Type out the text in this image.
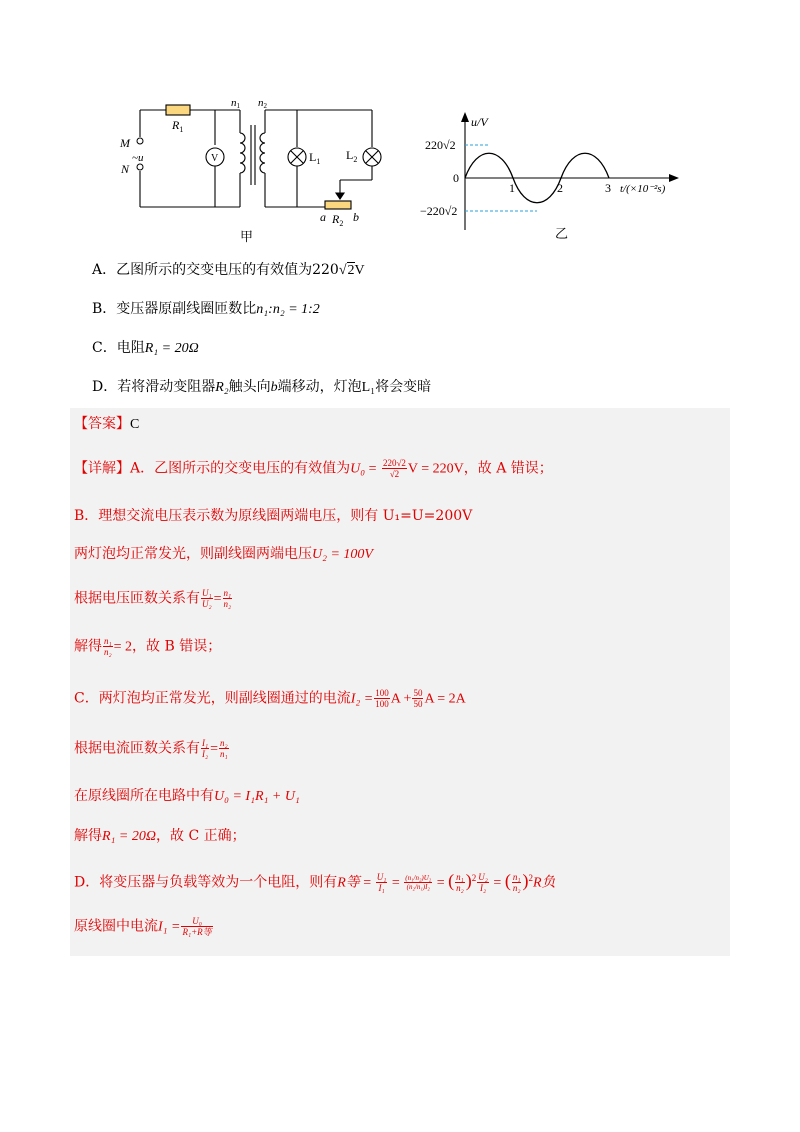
$R_1$
M
~u
N
V
n1 n2
$L_1$ $L_2$
a $R_2$ b
甲
u/V
220√2
−220√2
0
1	2	3 t/(×10⁻²s)
乙
A．乙图所示的交变电压的有效值为220√2V
B．变压器原副线圈匝数比n₁:n₂ = 1:2
C．电阻R₁ = 20Ω
D．若将滑动变阻器R₂触头向b端移动，灯泡L₁将会变暗
【答案】C
【详解】A．乙图所示的交变电压的有效值为$U_0 = \frac{220√2}{√2}$ V = 220V，故 A 错误；
B．理想交流电压表示数为原线圈两端电压，则有 U₁=U=200V
两灯泡均正常发光，则副线圈两端电压U₂ = 100V
根据电压匝数关系有 $\frac{\text{U₁}}{\text{U₂}} = \frac{\text{n₁}}{\text{n₂}}$
解得 $\frac{\text{n₁}}{\text{n₂}} = 2$，故 B 错误；
C．两灯泡均正常发光，则副线圈通过的电流$I_2 = \frac{100}{100}$ $A + \frac{50}{50}$ A = 2A
根据电流匝数关系有 $\frac{\text{I₁}}{\text{I₂}} = \frac{\text{n₂}}{\text{n₁}}$
在原线圈所在电路中有U₀ = I₁R₁ + U₁
解得R₁ = 20Ω，故 C 正确；
D．将变压器与负载等效为一个电阻，则有R等 = $\frac{\text{U₁}}{\text{I₁}} = \frac{\text{(n₁/n₂)U₂}}{\text{(n₂/n₁)I₂}}$ = ( $\frac{\text{n₁}}{\text{n₂}} )^2 \frac{\text{U₂}}{\text{I₂}}$ = ( $\frac{\text{n₁}}{\text{n₂}} )^2R$负
原线圈中电流$I_1 = \frac{\text{U₀}}{\text{R₁+R等}}$
